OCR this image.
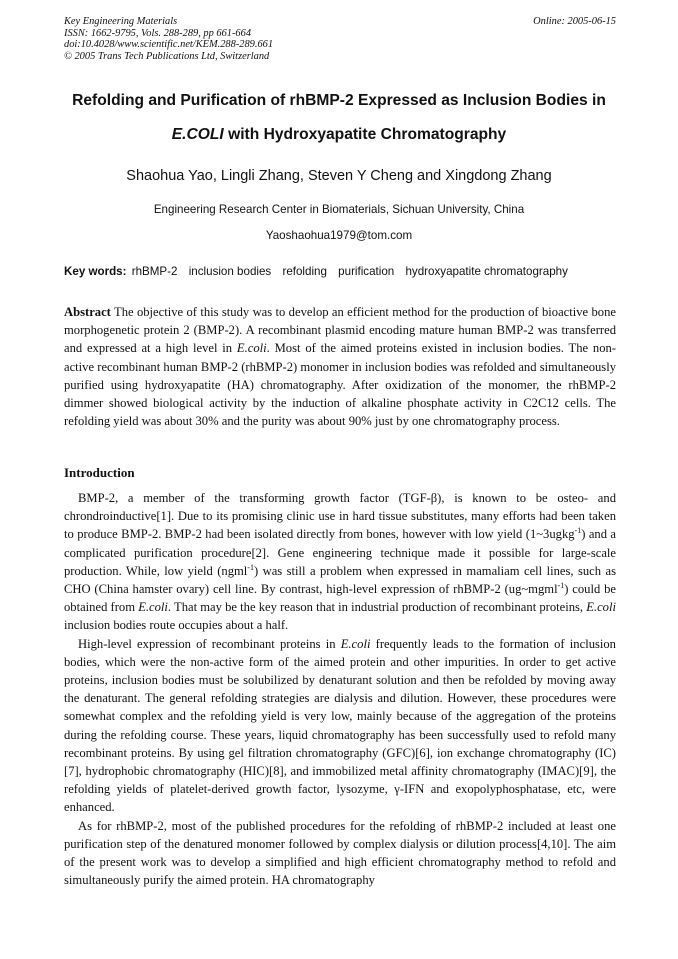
Key Engineering Materials
ISSN: 1662-9795, Vols. 288-289, pp 661-664
doi:10.4028/www.scientific.net/KEM.288-289.661
© 2005 Trans Tech Publications Ltd, Switzerland
Online: 2005-06-15
Refolding and Purification of rhBMP-2 Expressed as Inclusion Bodies in
E.COLI with Hydroxyapatite Chromatography
Shaohua Yao, Lingli Zhang, Steven Y Cheng and Xingdong Zhang
Engineering Research Center in Biomaterials, Sichuan University, China
Yaoshaohua1979@tom.com
Key words: rhBMP-2 inclusion bodies refolding purification hydroxyapatite chromatography
Abstract The objective of this study was to develop an efficient method for the production of bioactive bone morphogenetic protein 2 (BMP-2). A recombinant plasmid encoding mature human BMP-2 was transferred and expressed at a high level in E.coli. Most of the aimed proteins existed in inclusion bodies. The non-active recombinant human BMP-2 (rhBMP-2) monomer in inclusion bodies was refolded and simultaneously purified using hydroxyapatite (HA) chromatography. After oxidization of the monomer, the rhBMP-2 dimmer showed biological activity by the induction of alkaline phosphate activity in C2C12 cells. The refolding yield was about 30% and the purity was about 90% just by one chromatography process.
Introduction

BMP-2, a member of the transforming growth factor (TGF-β), is known to be osteo- and chrondroinductive[1]. Due to its promising clinic use in hard tissue substitutes, many efforts had been taken to produce BMP-2. BMP-2 had been isolated directly from bones, however with low yield (1~3ugkg$^{-1}$) and a complicated purification procedure[2]. Gene engineering technique made it possible for large-scale production. While, low yield (ngml$^{-1}$) was still a problem when expressed in mamaliam cell lines, such as CHO (China hamster ovary) cell line. By contrast, high-level expression of rhBMP-2 (ug~mgml$^{-1}$) could be obtained from E.coli. That may be the key reason that in industrial production of recombinant proteins, E.coli inclusion bodies route occupies about a half.

High-level expression of recombinant proteins in E.coli frequently leads to the formation of inclusion bodies, which were the non-active form of the aimed protein and other impurities. In order to get active proteins, inclusion bodies must be solubilized by denaturant solution and then be refolded by moving away the denaturant. The general refolding strategies are dialysis and dilution. However, these procedures were somewhat complex and the refolding yield is very low, mainly because of the aggregation of the proteins during the refolding course. These years, liquid chromatography has been successfully used to refold many recombinant proteins. By using gel filtration chromatography (GFC)[6], ion exchange chromatography (IC)[7], hydrophobic chromatography (HIC)[8], and immobilized metal affinity chromatography (IMAC)[9], the refolding yields of platelet-derived growth factor, lysozyme, γ-IFN and exopolyphosphatase, etc, were enhanced.

As for rhBMP-2, most of the published procedures for the refolding of rhBMP-2 included at least one purification step of the denatured monomer followed by complex dialysis or dilution process[4,10]. The aim of the present work was to develop a simplified and high efficient chromatography method to refold and simultaneously purify the aimed protein. HA chromatography
